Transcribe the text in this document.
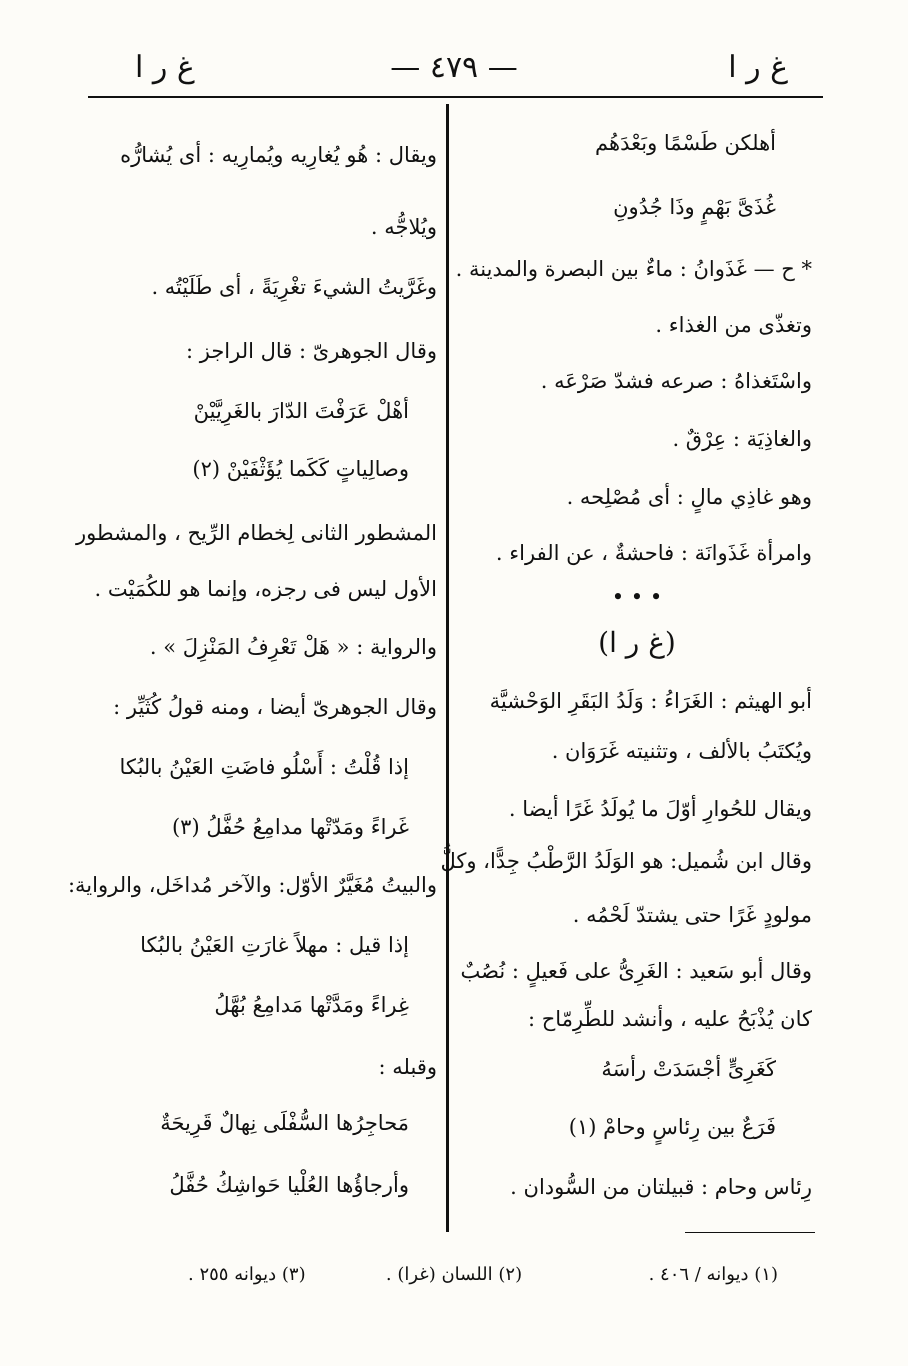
غ ر ا
— ٤٧٩ —
غ ر ا

أهلكن طَسْمًا وبَعْدَهُم

غُذَىَّ بَهْمٍ وذَا جُدُونِ

* ح — غَذَوانُ : ماءٌ بين البصرة والمدينة .

وتغذّى من الغذاء .

واسْتَغذاهُ : صرعه فشدّ صَرْعَه .

والغاذِيَة : عِرْقٌ .

وهو غاذِي مالٍ : أى مُصْلِحه .

وامرأة غَذَوانَة : فاحشةٌ ، عن الفراء .

• • •

(غ ر ا)

أبو الهيثم : الغَرَاءُ : وَلَدُ البَقَرِ الوَحْشيَّة

ويُكتَبُ بالألف ، وتثنيته غَرَوَان .

ويقال للحُوارِ أوّلَ ما يُولَدُ غَرًا أيضا .

وقال ابن شُميل: هو الوَلَدُ الرَّطْبُ جِدًّا، وكلُّ

مولودٍ غَرًا حتى يشتدّ لَحْمُه .

وقال أبو سَعيد : الغَرِىُّ على فَعيلٍ : نُصُبٌ

كان يُذْبَحُ عليه ، وأنشد للطِّرِمّاح :

كَغَرِىٍّ أجْسَدَتْ رأسَهُ

فَرَعٌ بين رِئاسٍ وحامْ (١)

رِئاس وحام : قبيلتان من السُّودان .

ويقال : هُو يُغارِيه ويُمارِيه : أى يُشارُّه

ويُلاجُّه .

وغَرَّيتُ الشيءَ تغْرِيَةً ، أى طَلَيْتُه .

وقال الجوهرىّ : قال الراجز :

أهْلْ عَرَفْتَ الدّارَ بالغَرِيَّيْنْ

وصالِياتٍ كَكَما يُؤَثْفَيْنْ (٢)

المشطور الثانى لِخطام الرِّيح ، والمشطور

الأول ليس فى رجزه، وإنما هو للكُمَيْت .

والرواية : « هَلْ تَعْرِفُ المَنْزِلَ » .

وقال الجوهرىّ أيضا ، ومنه قولُ كُثَيِّر :

إذا قُلْتُ : أَسْلُو فاضَتِ العَيْنُ بالبُكا

غَراءً ومَدّتْها مدامِعُ حُفَّلُ (٣)

والبيتُ مُغَيَّرٌ الأوّل: والآخر مُداخَل، والرواية:

إذا قيل : مهلاً غارَتِ العَيْنُ بالبُكا

غِراءً ومَدَّتْها مَدامِعُ بُهَّلُ

وقبله :

مَحاجِرُها السُّفْلَى نِهالٌ قَرِيحَةٌ

وأرجاؤُها العُلْيا حَواشِكُ حُفَّلُ

(١) ديوانه / ٤٠٦ .
(٢) اللسان (غرا) .
(٣) ديوانه ٢٥٥ .
